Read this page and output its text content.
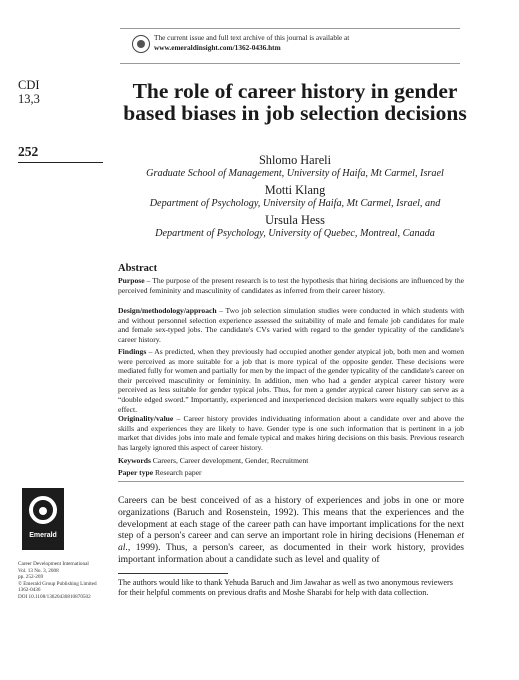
The current issue and full text archive of this journal is available at
www.emeraldinsight.com/1362-0436.htm
CDI
13,3
252
The role of career history in gender based biases in job selection decisions
Shlomo Hareli
Graduate School of Management, University of Haifa, Mt Carmel, Israel
Motti Klang
Department of Psychology, University of Haifa, Mt Carmel, Israel, and
Ursula Hess
Department of Psychology, University of Quebec, Montreal, Canada
Abstract
Purpose – The purpose of the present research is to test the hypothesis that hiring decisions are influenced by the perceived femininity and masculinity of candidates as inferred from their career history.
Design/methodology/approach – Two job selection simulation studies were conducted in which students with and without personnel selection experience assessed the suitability of male and female job candidates for male and female sex-typed jobs. The candidate's CVs varied with regard to the gender typicality of the candidate's career history.
Findings – As predicted, when they previously had occupied another gender atypical job, both men and women were perceived as more suitable for a job that is more typical of the opposite gender. These decisions were mediated fully for women and partially for men by the impact of the gender typicality of the candidate's career on their perceived masculinity or femininity. In addition, men who had a gender atypical career history were perceived as less suitable for gender typical jobs. Thus, for men a gender atypical career history can serve as a “double edged sword.” Importantly, experienced and inexperienced decision makers were equally subject to this effect.
Originality/value – Career history provides individuating information about a candidate over and above the skills and experiences they are likely to have. Gender type is one such information that is pertinent in a job market that divides jobs into male and female typical and makes hiring decisions on this basis. Previous research has largely ignored this aspect of career history.
Keywords Careers, Career development, Gender, Recruitment
Paper type Research paper
Emerald
Career Development International
Vol. 13 No. 3, 2008
pp. 252-269
© Emerald Group Publishing Limited
1362-0436
DOI 10.1108/13620430810870502
Careers can be best conceived of as a history of experiences and jobs in one or more organizations (Baruch and Rosenstein, 1992). This means that the experiences and the development at each stage of the career path can have important implications for the next step of a person's career and can serve an important role in hiring decisions (Heneman et al., 1999). Thus, a person's career, as documented in their work history, provides important information about a candidate such as level and quality of
The authors would like to thank Yehuda Baruch and Jim Jawahar as well as two anonymous reviewers for their helpful comments on previous drafts and Moshe Sharabi for help with data collection.
